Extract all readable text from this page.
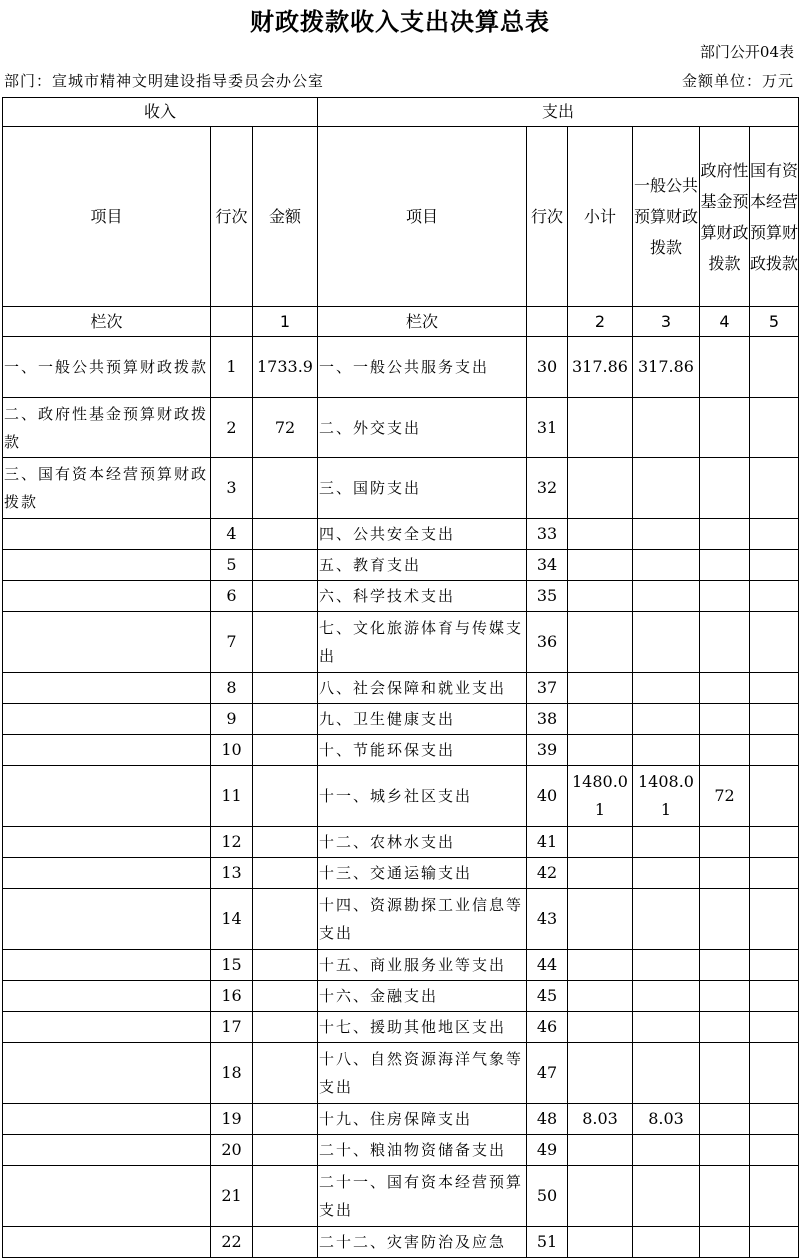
财政拨款收入支出决算总表
部门公开04表
部门：宣城市精神文明建设指导委员会办公室	金额单位：万元
收入			支出					
项目	行次	金额	项目	行次	小计	一般公共预算财政拨款	政府性基金预算财政拨款	国有资本经营预算财政拨款
栏次		1	栏次		2	3	4	5
一、一般公共预算财政拨款	1	1733.9	一、一般公共服务支出	30	317.86	317.86		
二、政府性基金预算财政拨款	2	72	二、外交支出	31				
三、国有资本经营预算财政拨款	3		三、国防支出	32				
	4		四、公共安全支出	33				
	5		五、教育支出	34				
	6		六、科学技术支出	35				
	7		七、文化旅游体育与传媒支出	36				
	8		八、社会保障和就业支出	37				
	9		九、卫生健康支出	38				
	10		十、节能环保支出	39				
	11		十一、城乡社区支出	40	1480.01	1408.01	72	
	12		十二、农林水支出	41				
	13		十三、交通运输支出	42				
	14		十四、资源勘探工业信息等支出	43				
	15		十五、商业服务业等支出	44				
	16		十六、金融支出	45				
	17		十七、援助其他地区支出	46				
	18		十八、自然资源海洋气象等支出	47				
	19		十九、住房保障支出	48	8.03	8.03		
	20		二十、粮油物资储备支出	49				
	21		二十一、国有资本经营预算支出	50				
	22		二十二、灾害防治及应急	51				
